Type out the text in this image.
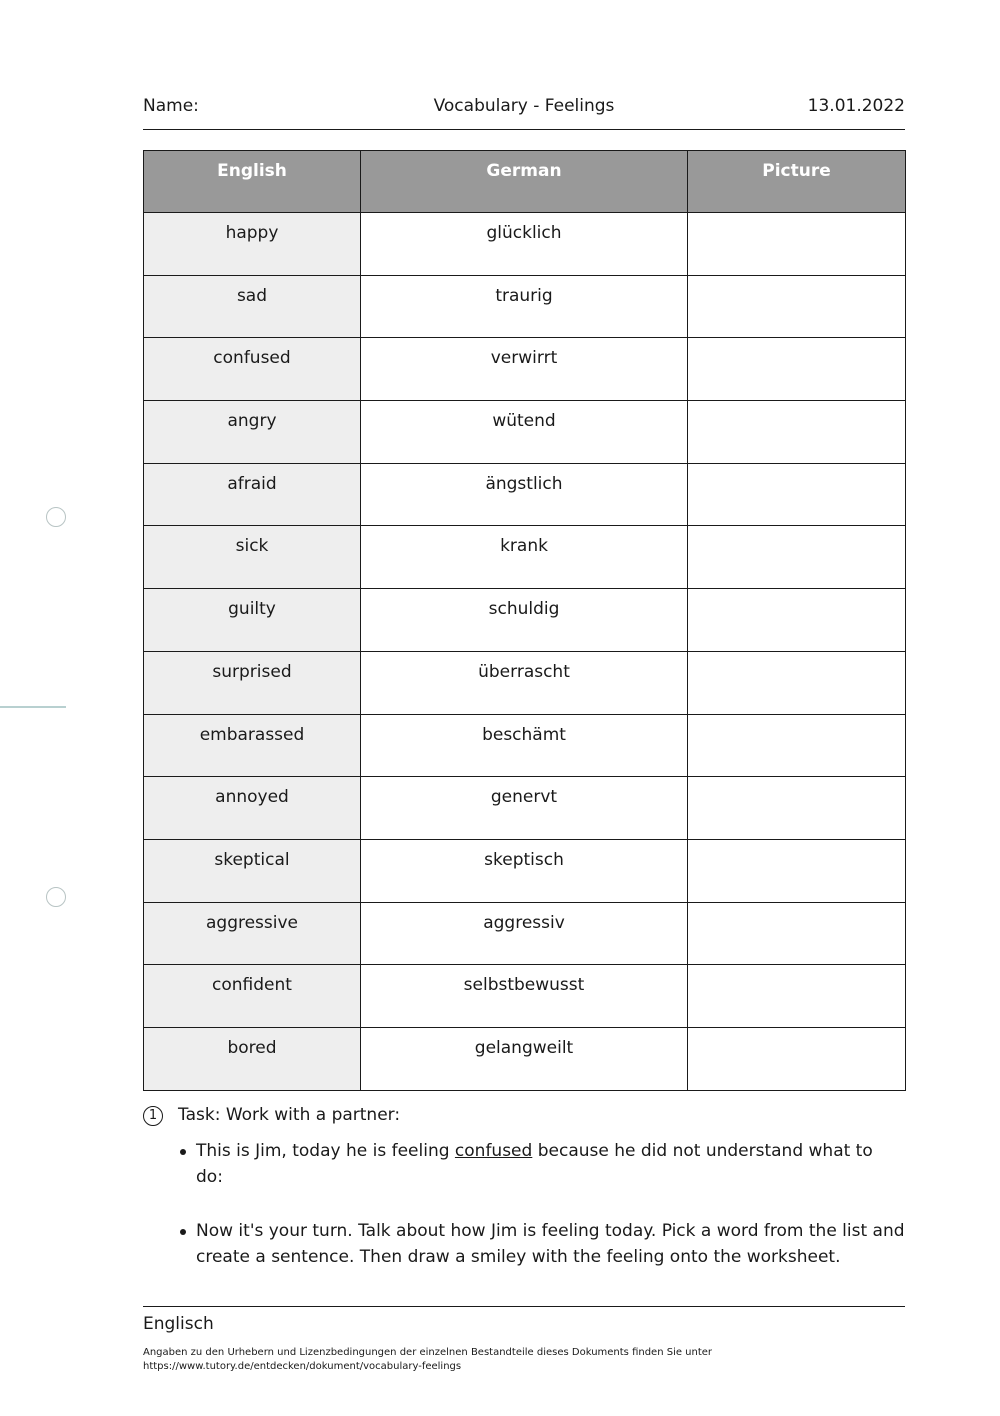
Name:	Vocabulary - Feelings	13.01.2022
English	German	Picture
happy	glücklich	
sad	traurig	
confused	verwirrt	
angry	wütend	
afraid	ängstlich	
sick	krank	
guilty	schuldig	
surprised	überrascht	
embarassed	beschämt	
annoyed	genervt	
skeptical	skeptisch	
aggressive	aggressiv	
confident	selbstbewusst	
bored	gelangweilt	
1	Task: Work with a partner:
This is Jim, today he is feeling confused because he did not understand what to do:
Now it's your turn. Talk about how Jim is feeling today. Pick a word from the list and create a sentence. Then draw a smiley with the feeling onto the worksheet.
Englisch
Angaben zu den Urhebern und Lizenzbedingungen der einzelnen Bestandteile dieses Dokuments finden Sie unter
https://www.tutory.de/entdecken/dokument/vocabulary-feelings
